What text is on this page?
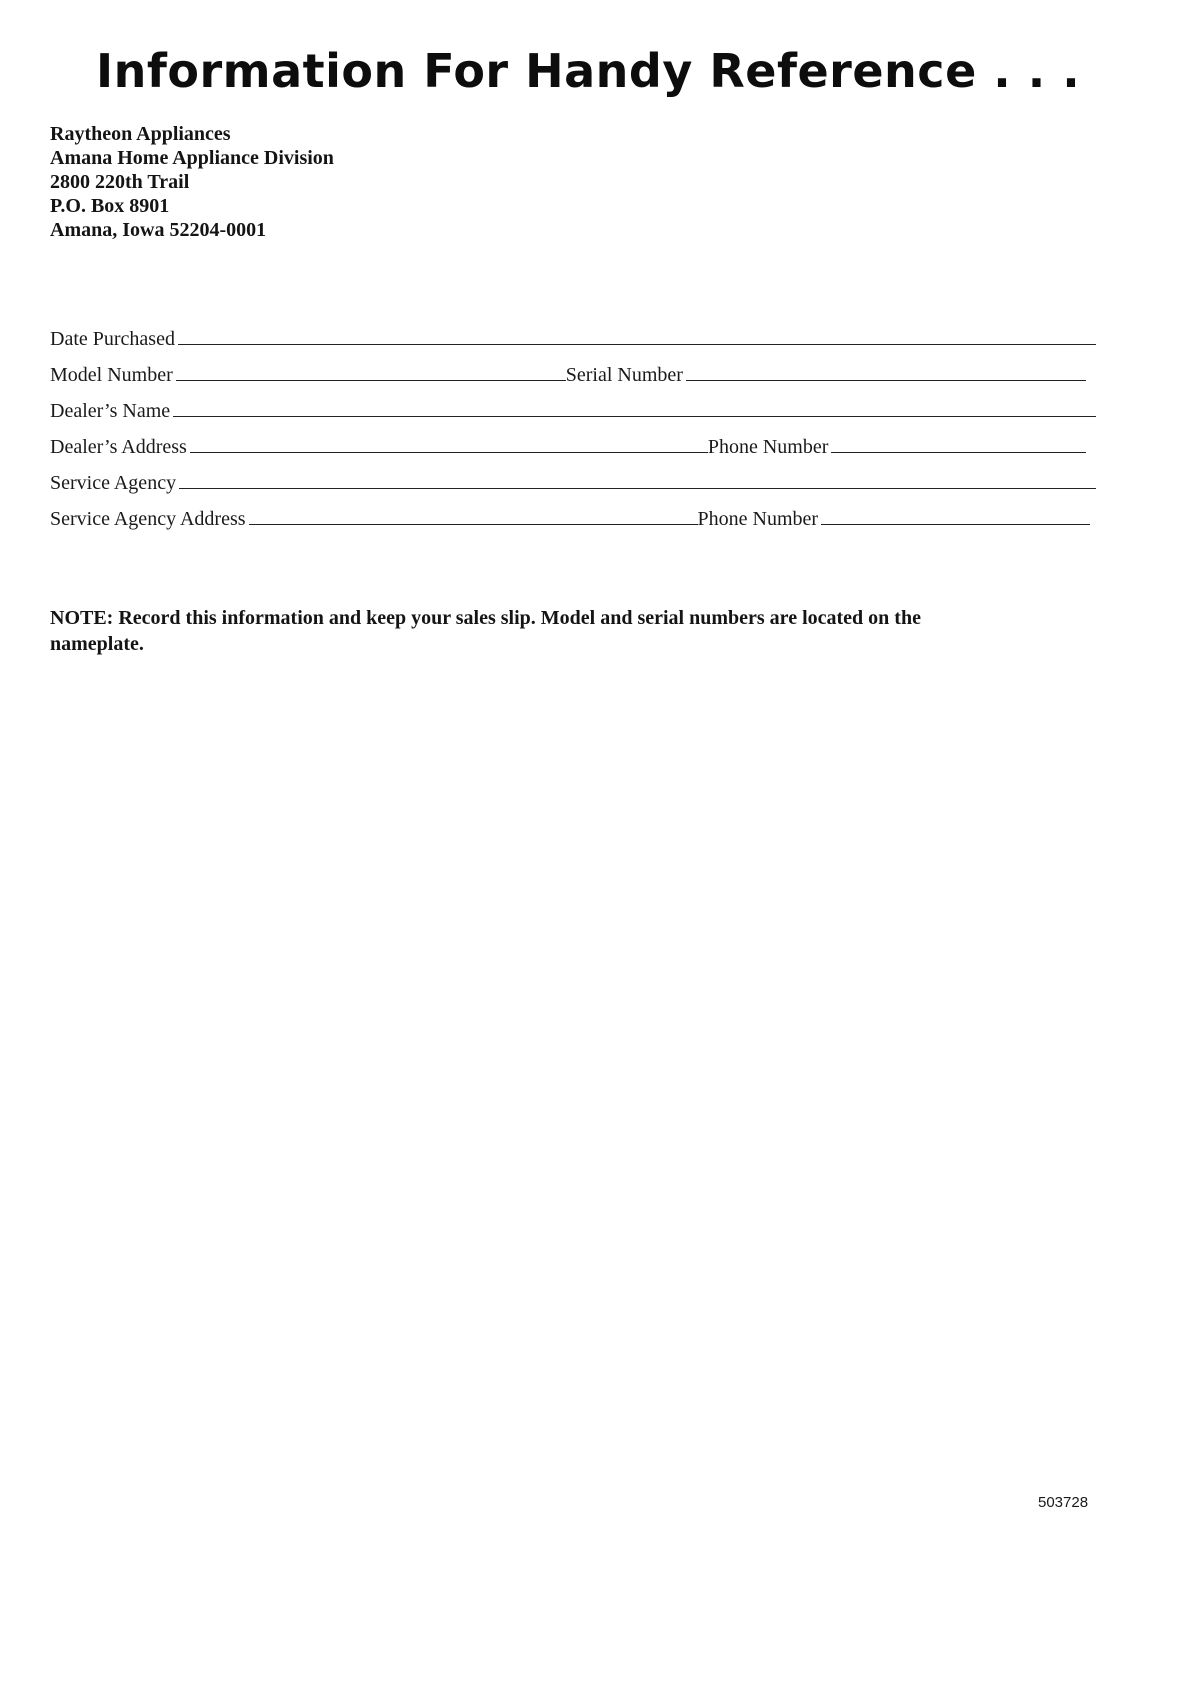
Information For Handy Reference . . .
Raytheon Appliances
Amana Home Appliance Division
2800 220th Trail
P.O. Box 8901
Amana, Iowa 52204-0001
Date Purchased
Model Number	Serial Number
Dealer’s Name
Dealer’s Address	Phone Number
Service Agency
Service Agency Address	Phone Number

NOTE: Record this information and keep your sales slip. Model and serial numbers are located on the nameplate.

503728
